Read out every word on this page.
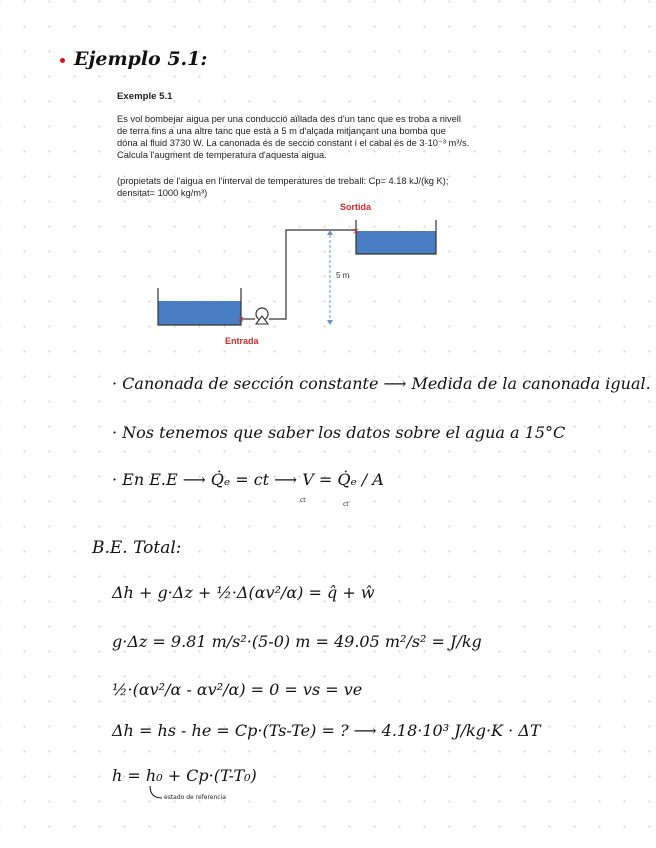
Ejemplo 5.1:
Exemple 5.1
Es vol bombejar aigua per una conducció aïllada des d'un tanc que es troba a nivell
de terra fins a una altre tanc que està a 5 m d'alçada mitjançant una bomba que
dóna al fluid 3730 W. La canonada és de secció constant i el cabal és de 3·10⁻³ m³/s.
Calcula l'augment de temperatura d'aquesta aigua.
(propietats de l'aigua en l'interval de temperatures de treball: Cp= 4.18 kJ/(kg K);
densitat= 1000 kg/m³)
×
×
5 m
Sortida
Entrada
· Canonada de sección constante ⟶ Medida de la canonada igual.
· Nos tenemos que saber los datos sobre el agua a 15°C
· En E.E ⟶ Q̇ₑ = ct ⟶ V = Q̇ₑ / A
ct
ct
B.E. Total:
Δh + g·Δz + ½·Δ(αv²/α) = q̂ + ŵ
g·Δz = 9.81 m/s²·(5-0) m = 49.05 m²/s² = J/kg
½·(αv²/α - αv²/α) = 0 = vs = ve
Δh = hs - he = Cp·(Ts-Te) = ? ⟶ 4.18·10³ J/kg·K · ΔT
h = h₀ + Cp·(T-T₀)
estado de referencia
